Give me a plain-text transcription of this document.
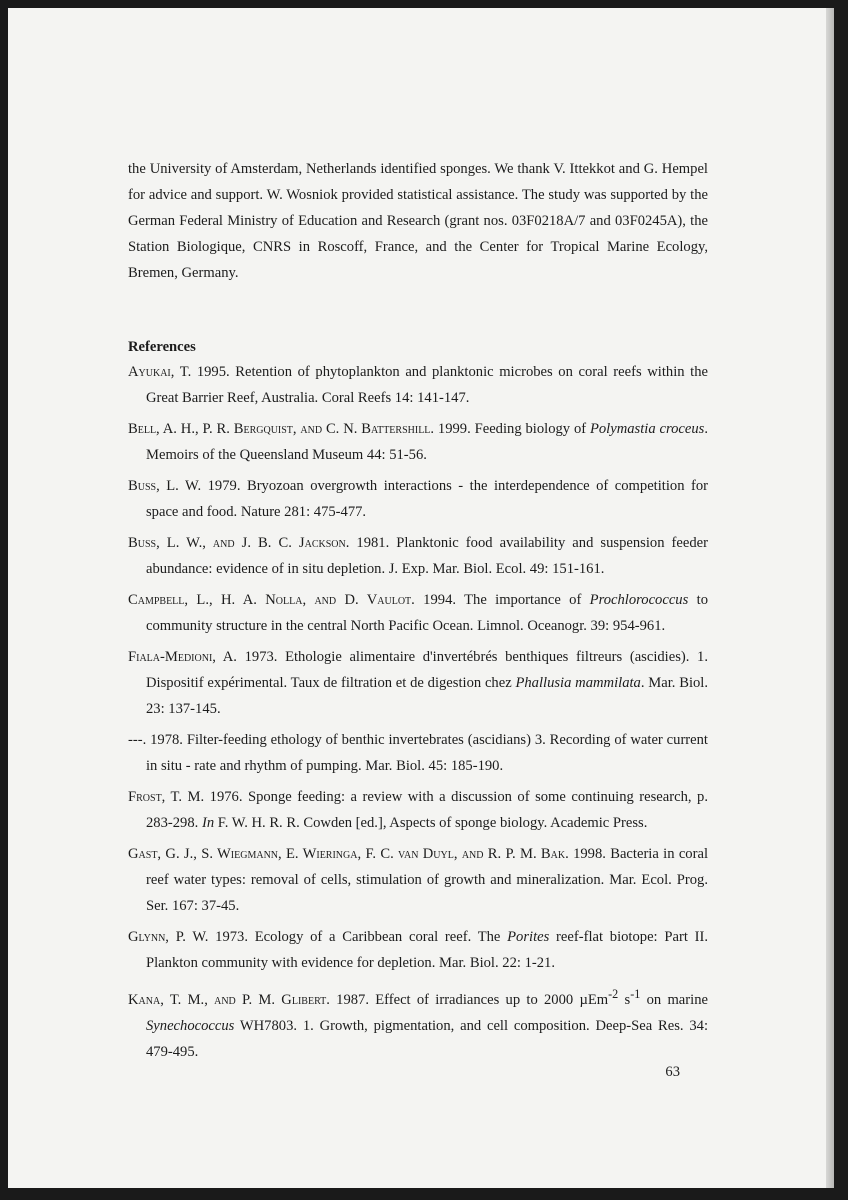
the University of Amsterdam, Netherlands identified sponges. We thank V. Ittekkot and G. Hempel for advice and support. W. Wosniok provided statistical assistance. The study was supported by the German Federal Ministry of Education and Research (grant nos. 03F0218A/7 and 03F0245A), the Station Biologique, CNRS in Roscoff, France, and the Center for Tropical Marine Ecology, Bremen, Germany.
References
Ayukai, T. 1995. Retention of phytoplankton and planktonic microbes on coral reefs within the Great Barrier Reef, Australia. Coral Reefs 14: 141-147.
Bell, A. H., P. R. Bergquist, and C. N. Battershill. 1999. Feeding biology of Polymastia croceus. Memoirs of the Queensland Museum 44: 51-56.
Buss, L. W. 1979. Bryozoan overgrowth interactions - the interdependence of competition for space and food. Nature 281: 475-477.
Buss, L. W., and J. B. C. Jackson. 1981. Planktonic food availability and suspension feeder abundance: evidence of in situ depletion. J. Exp. Mar. Biol. Ecol. 49: 151-161.
Campbell, L., H. A. Nolla, and D. Vaulot. 1994. The importance of Prochlorococcus to community structure in the central North Pacific Ocean. Limnol. Oceanogr. 39: 954-961.
Fiala-Medioni, A. 1973. Ethologie alimentaire d'invertébrés benthiques filtreurs (ascidies). 1. Dispositif expérimental. Taux de filtration et de digestion chez Phallusia mammilata. Mar. Biol. 23: 137-145.
---. 1978. Filter-feeding ethology of benthic invertebrates (ascidians) 3. Recording of water current in situ - rate and rhythm of pumping. Mar. Biol. 45: 185-190.
Frost, T. M. 1976. Sponge feeding: a review with a discussion of some continuing research, p. 283-298. In F. W. H. R. R. Cowden [ed.], Aspects of sponge biology. Academic Press.
Gast, G. J., S. Wiegmann, E. Wieringa, F. C. van Duyl, and R. P. M. Bak. 1998. Bacteria in coral reef water types: removal of cells, stimulation of growth and mineralization. Mar. Ecol. Prog. Ser. 167: 37-45.
Glynn, P. W. 1973. Ecology of a Caribbean coral reef. The Porites reef-flat biotope: Part II. Plankton community with evidence for depletion. Mar. Biol. 22: 1-21.
Kana, T. M., and P. M. Glibert. 1987. Effect of irradiances up to 2000 µEm$^{-2}$ $s^{-1}$ on marine Synechococcus WH7803. 1. Growth, pigmentation, and cell composition. Deep-Sea Res. 34: 479-495.
63
